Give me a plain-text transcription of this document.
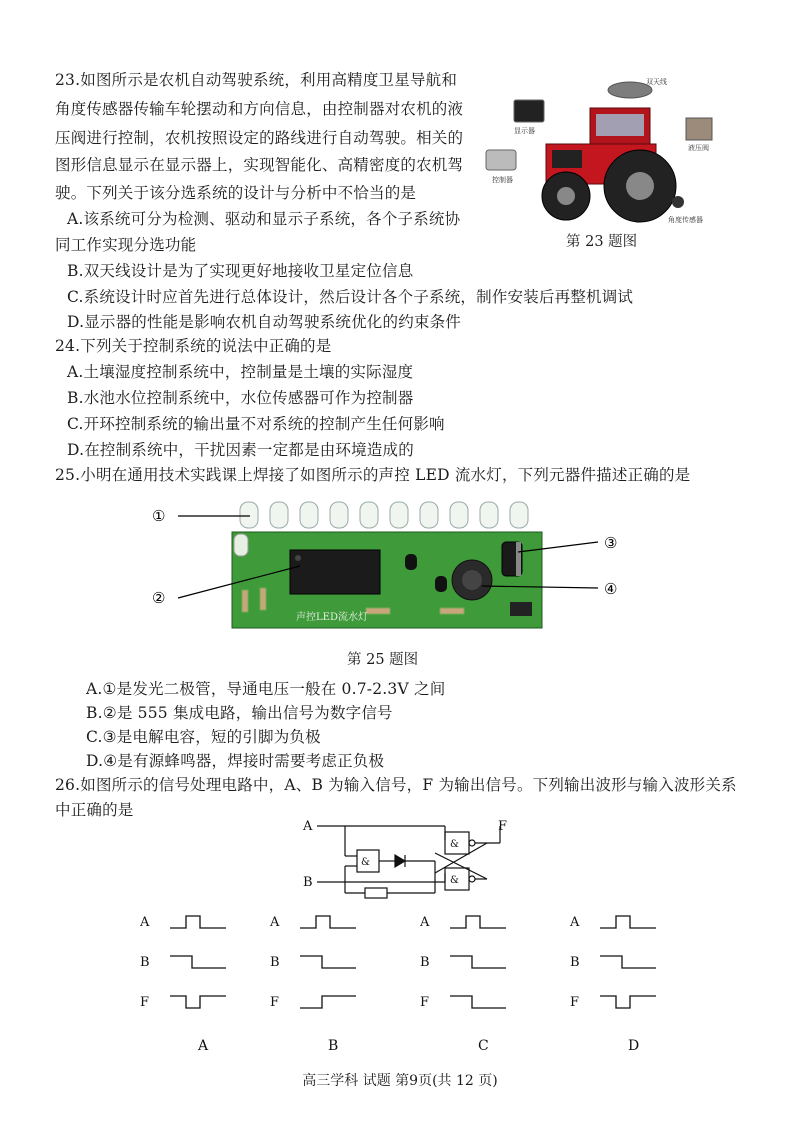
23.如图所示是农机自动驾驶系统，利用高精度卫星导航和
角度传感器传输车轮摆动和方向信息，由控制器对农机的液
压阀进行控制，农机按照设定的路线进行自动驾驶。相关的
图形信息显示在显示器上，实现智能化、高精密度的农机驾
驶。下列关于该分选系统的设计与分析中不恰当的是
A.该系统可分为检测、驱动和显示子系统，各个子系统协
同工作实现分选功能
B.双天线设计是为了实现更好地接收卫星定位信息
C.系统设计时应首先进行总体设计，然后设计各个子系统，制作安装后再整机调试
D.显示器的性能是影响农机自动驾驶系统优化的约束条件
双天线
显示器
液压阀
控制器
角度传感器
第 23 题图
24.下列关于控制系统的说法中正确的是
A.土壤湿度控制系统中，控制量是土壤的实际湿度
B.水池水位控制系统中，水位传感器可作为控制器
C.开环控制系统的输出量不对系统的控制产生任何影响
D.在控制系统中，干扰因素一定都是由环境造成的
25.小明在通用技术实践课上焊接了如图所示的声控 LED 流水灯，下列元器件描述正确的是
声控LED流水灯
①
②
③
④
第 25 题图
A.①是发光二极管，导通电压一般在 0.7-2.3V 之间
B.②是 555 集成电路，输出信号为数字信号
C.③是电解电容，短的引脚为负极
D.④是有源蜂鸣器，焊接时需要考虑正负极
26.如图所示的信号处理电路中，A、B 为输入信号，F 为输出信号。下列输出波形与输入波形关系
中正确的是
A
B
F
&
&
&
A
B
F
A
A
B
F
B
A
B
F
C
A
B
F
D
高三学科 试题 第9页(共 12 页)
